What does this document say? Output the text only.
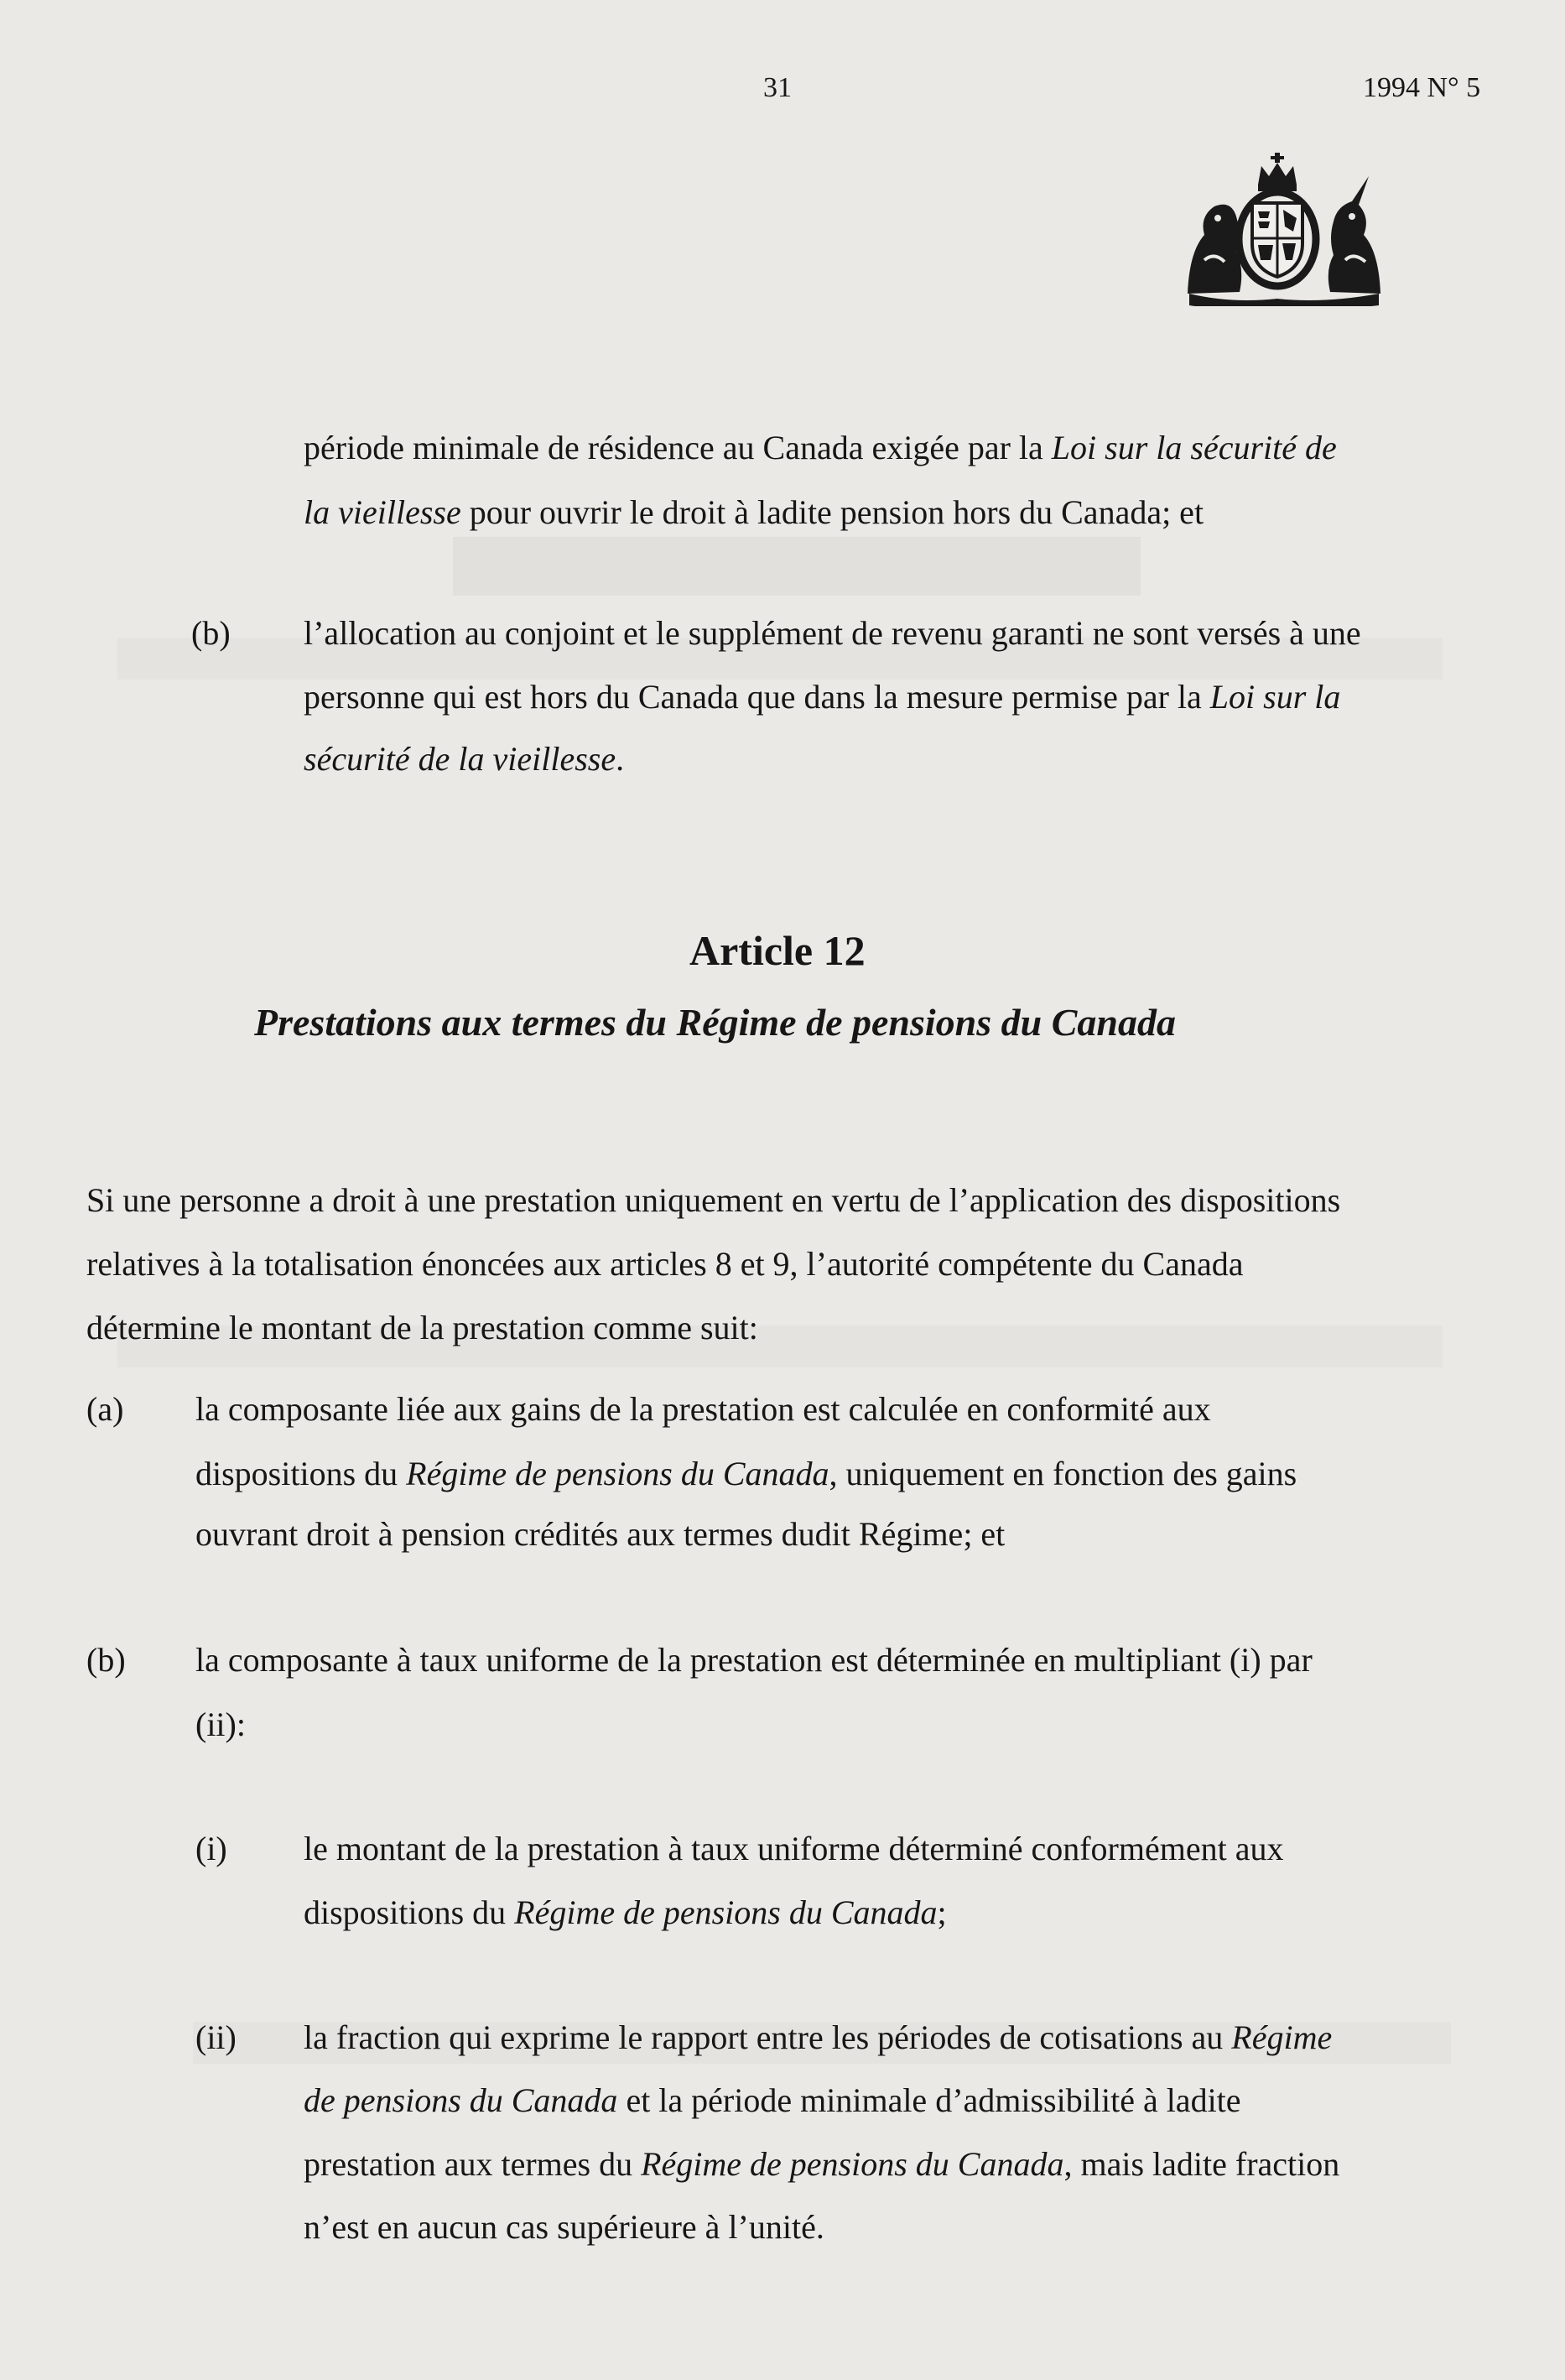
31	1994 N° 5
période minimale de résidence au Canada exigée par la Loi sur la sécurité de
la vieillesse pour ouvrir le droit à ladite pension hors du Canada; et
(b) l’allocation au conjoint et le supplément de revenu garanti ne sont versés à une
personne qui est hors du Canada que dans la mesure permise par la Loi sur la
sécurité de la vieillesse.
Article 12
Prestations aux termes du Régime de pensions du Canada
Si une personne a droit à une prestation uniquement en vertu de l’application des dispositions
relatives à la totalisation énoncées aux articles 8 et 9, l’autorité compétente du Canada
détermine le montant de la prestation comme suit:
(a) la composante liée aux gains de la prestation est calculée en conformité aux
dispositions du Régime de pensions du Canada, uniquement en fonction des gains
ouvrant droit à pension crédités aux termes dudit Régime; et
(b) la composante à taux uniforme de la prestation est déterminée en multipliant (i) par
(ii):
(i) le montant de la prestation à taux uniforme déterminé conformément aux
dispositions du Régime de pensions du Canada;
(ii) la fraction qui exprime le rapport entre les périodes de cotisations au Régime
de pensions du Canada et la période minimale d’admissibilité à ladite
prestation aux termes du Régime de pensions du Canada, mais ladite fraction
n’est en aucun cas supérieure à l’unité.
